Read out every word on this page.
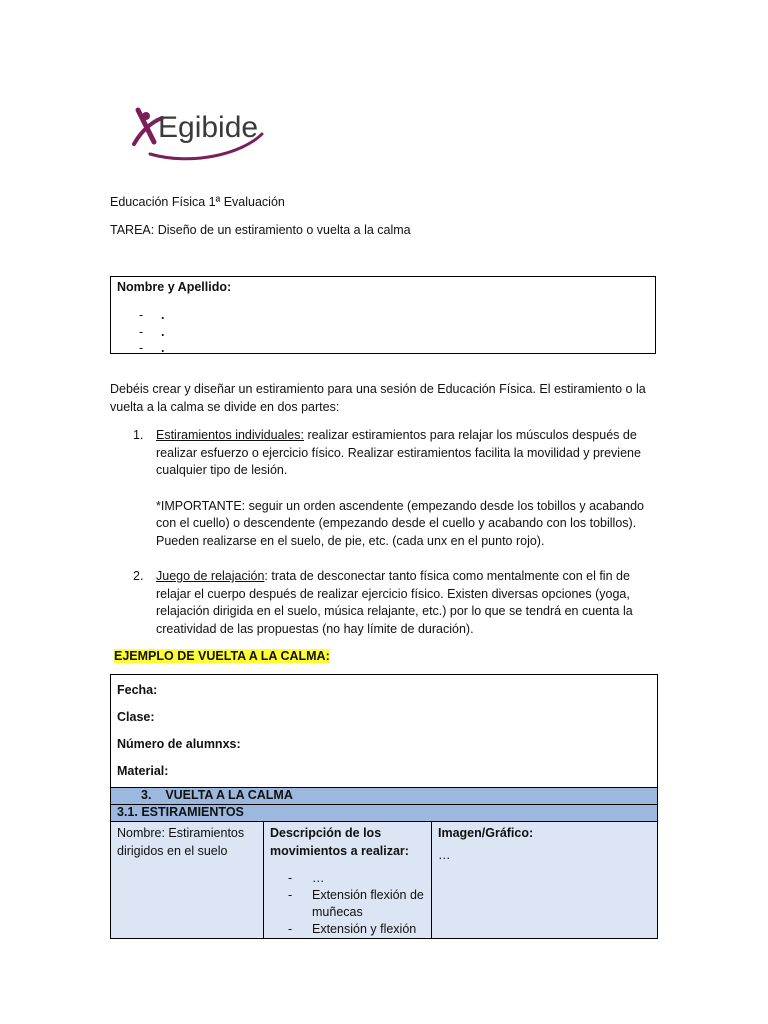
Egibide
Educación Física 1ª Evaluación
TAREA: Diseño de un estiramiento o vuelta a la calma
Nombre y Apellido:
- .
- .
- .
Debéis crear y diseñar un estiramiento para una sesión de Educación Física. El estiramiento o la vuelta a la calma se divide en dos partes:
1. Estiramientos individuales: realizar estiramientos para relajar los músculos después de realizar esfuerzo o ejercicio físico. Realizar estiramientos facilita la movilidad y previene cualquier tipo de lesión.
*IMPORTANTE: seguir un orden ascendente (empezando desde los tobillos y acabando con el cuello) o descendente (empezando desde el cuello y acabando con los tobillos). Pueden realizarse en el suelo, de pie, etc. (cada unx en el punto rojo).
2. Juego de relajación: trata de desconectar tanto física como mentalmente con el fin de relajar el cuerpo después de realizar ejercicio físico. Existen diversas opciones (yoga, relajación dirigida en el suelo, música relajante, etc.) por lo que se tendrá en cuenta la creatividad de las propuestas (no hay límite de duración).
EJEMPLO DE VUELTA A LA CALMA:
Fecha:
Clase:
Número de alumnxs:
Material:

3.    VUELTA A LA CALMA
3.1. ESTIRAMIENTOS
Nombre: Estiramientos dirigidos en el suelo	
Descripción de los movimientos a realizar:
- …
- Extensión flexión de muñecas
- Extensión y flexión

Imagen/Gráfico:
…
